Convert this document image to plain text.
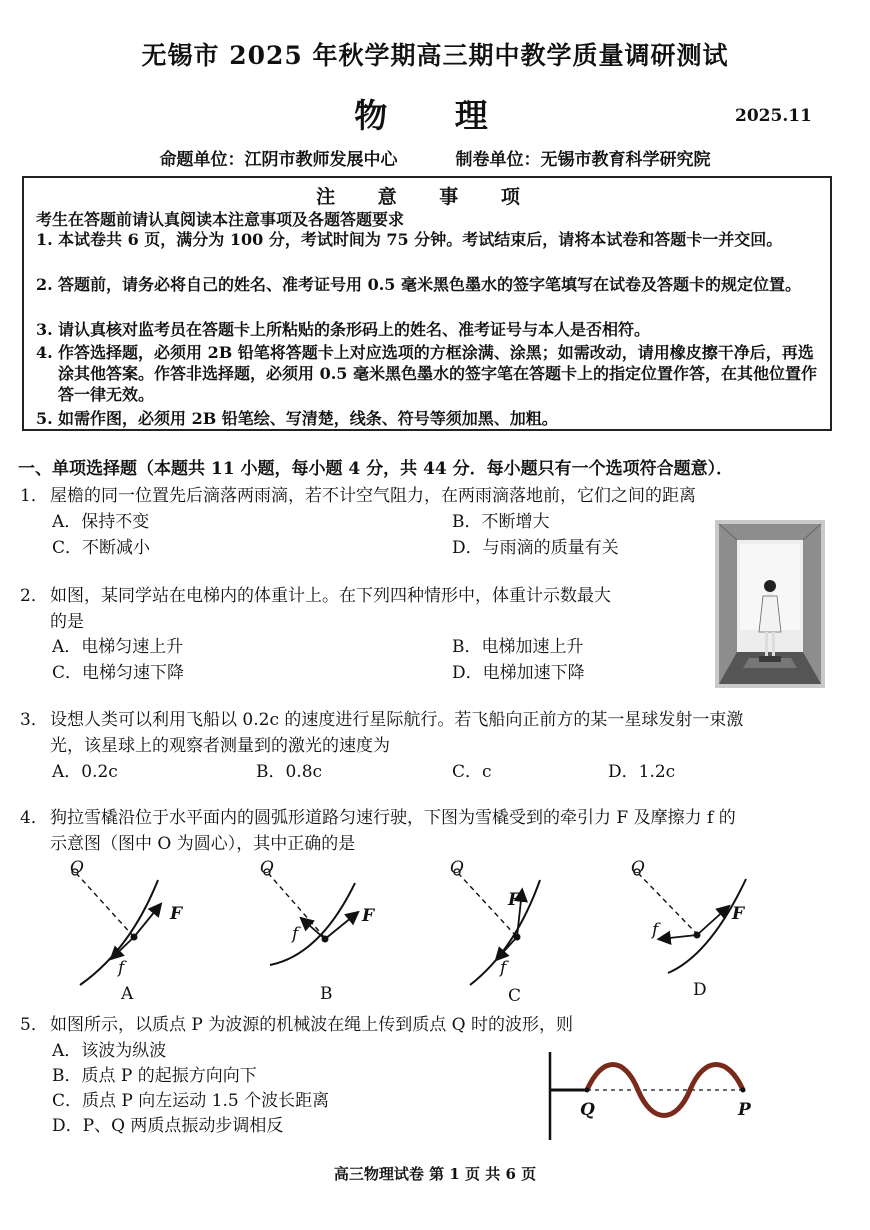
无锡市 2025 年秋学期高三期中教学质量调研测试
物 理	2025.11
命题单位：江阴市教师发展中心	制卷单位：无锡市教育科学研究院
注 意 事 项
考生在答题前请认真阅读本注意事项及各题答题要求
1. 本试卷共 6 页，满分为 100 分，考试时间为 75 分钟。考试结束后，请将本试卷和答题卡一并交回。
2. 答题前，请务必将自己的姓名、准考证号用 0.5 毫米黑色墨水的签字笔填写在试卷及答题卡的规定位置。
3. 请认真核对监考员在答题卡上所粘贴的条形码上的姓名、准考证号与本人是否相符。
4. 作答选择题，必须用 2B 铅笔将答题卡上对应选项的方框涂满、涂黑；如需改动，请用橡皮擦干净后，再选涂其他答案。作答非选择题，必须用 0.5 毫米黑色墨水的签字笔在答题卡上的指定位置作答，在其他位置作答一律无效。
5. 如需作图，必须用 2B 铅笔绘、写清楚，线条、符号等须加黑、加粗。
一、单项选择题（本题共 11 小题，每小题 4 分，共 44 分．每小题只有一个选项符合题意）．
1． 屋檐的同一位置先后滴落两雨滴，若不计空气阻力，在两雨滴落地前，它们之间的距离
A．保持不变	B．不断增大
C．不断减小	D．与雨滴的质量有关
2． 如图，某同学站在电梯内的体重计上。在下列四种情形中，体重计示数最大
的是
A．电梯匀速上升	B．电梯加速上升
C．电梯匀速下降	D．电梯加速下降
3． 设想人类可以利用飞船以 0.2c 的速度进行星际航行。若飞船向正前方的某一星球发射一束激
光，该星球上的观察者测量到的激光的速度为
A．0.2c	B．0.8c	C．c	D．1.2c
4． 狗拉雪橇沿位于水平面内的圆弧形道路匀速行驶，下图为雪橇受到的牵引力 F 及摩擦力 f 的
示意图（图中 O 为圆心），其中正确的是
O
F
f
A
O
F
f
B
O
F
f
C
O
F
f
D
5． 如图所示，以质点 P 为波源的机械波在绳上传到质点 Q 时的波形，则
A．该波为纵波
B．质点 P 的起振方向向下
C．质点 P 向左运动 1.5 个波长距离
D．P、Q 两质点振动步调相反
Q	P
高三物理试卷 第 1 页 共 6 页
